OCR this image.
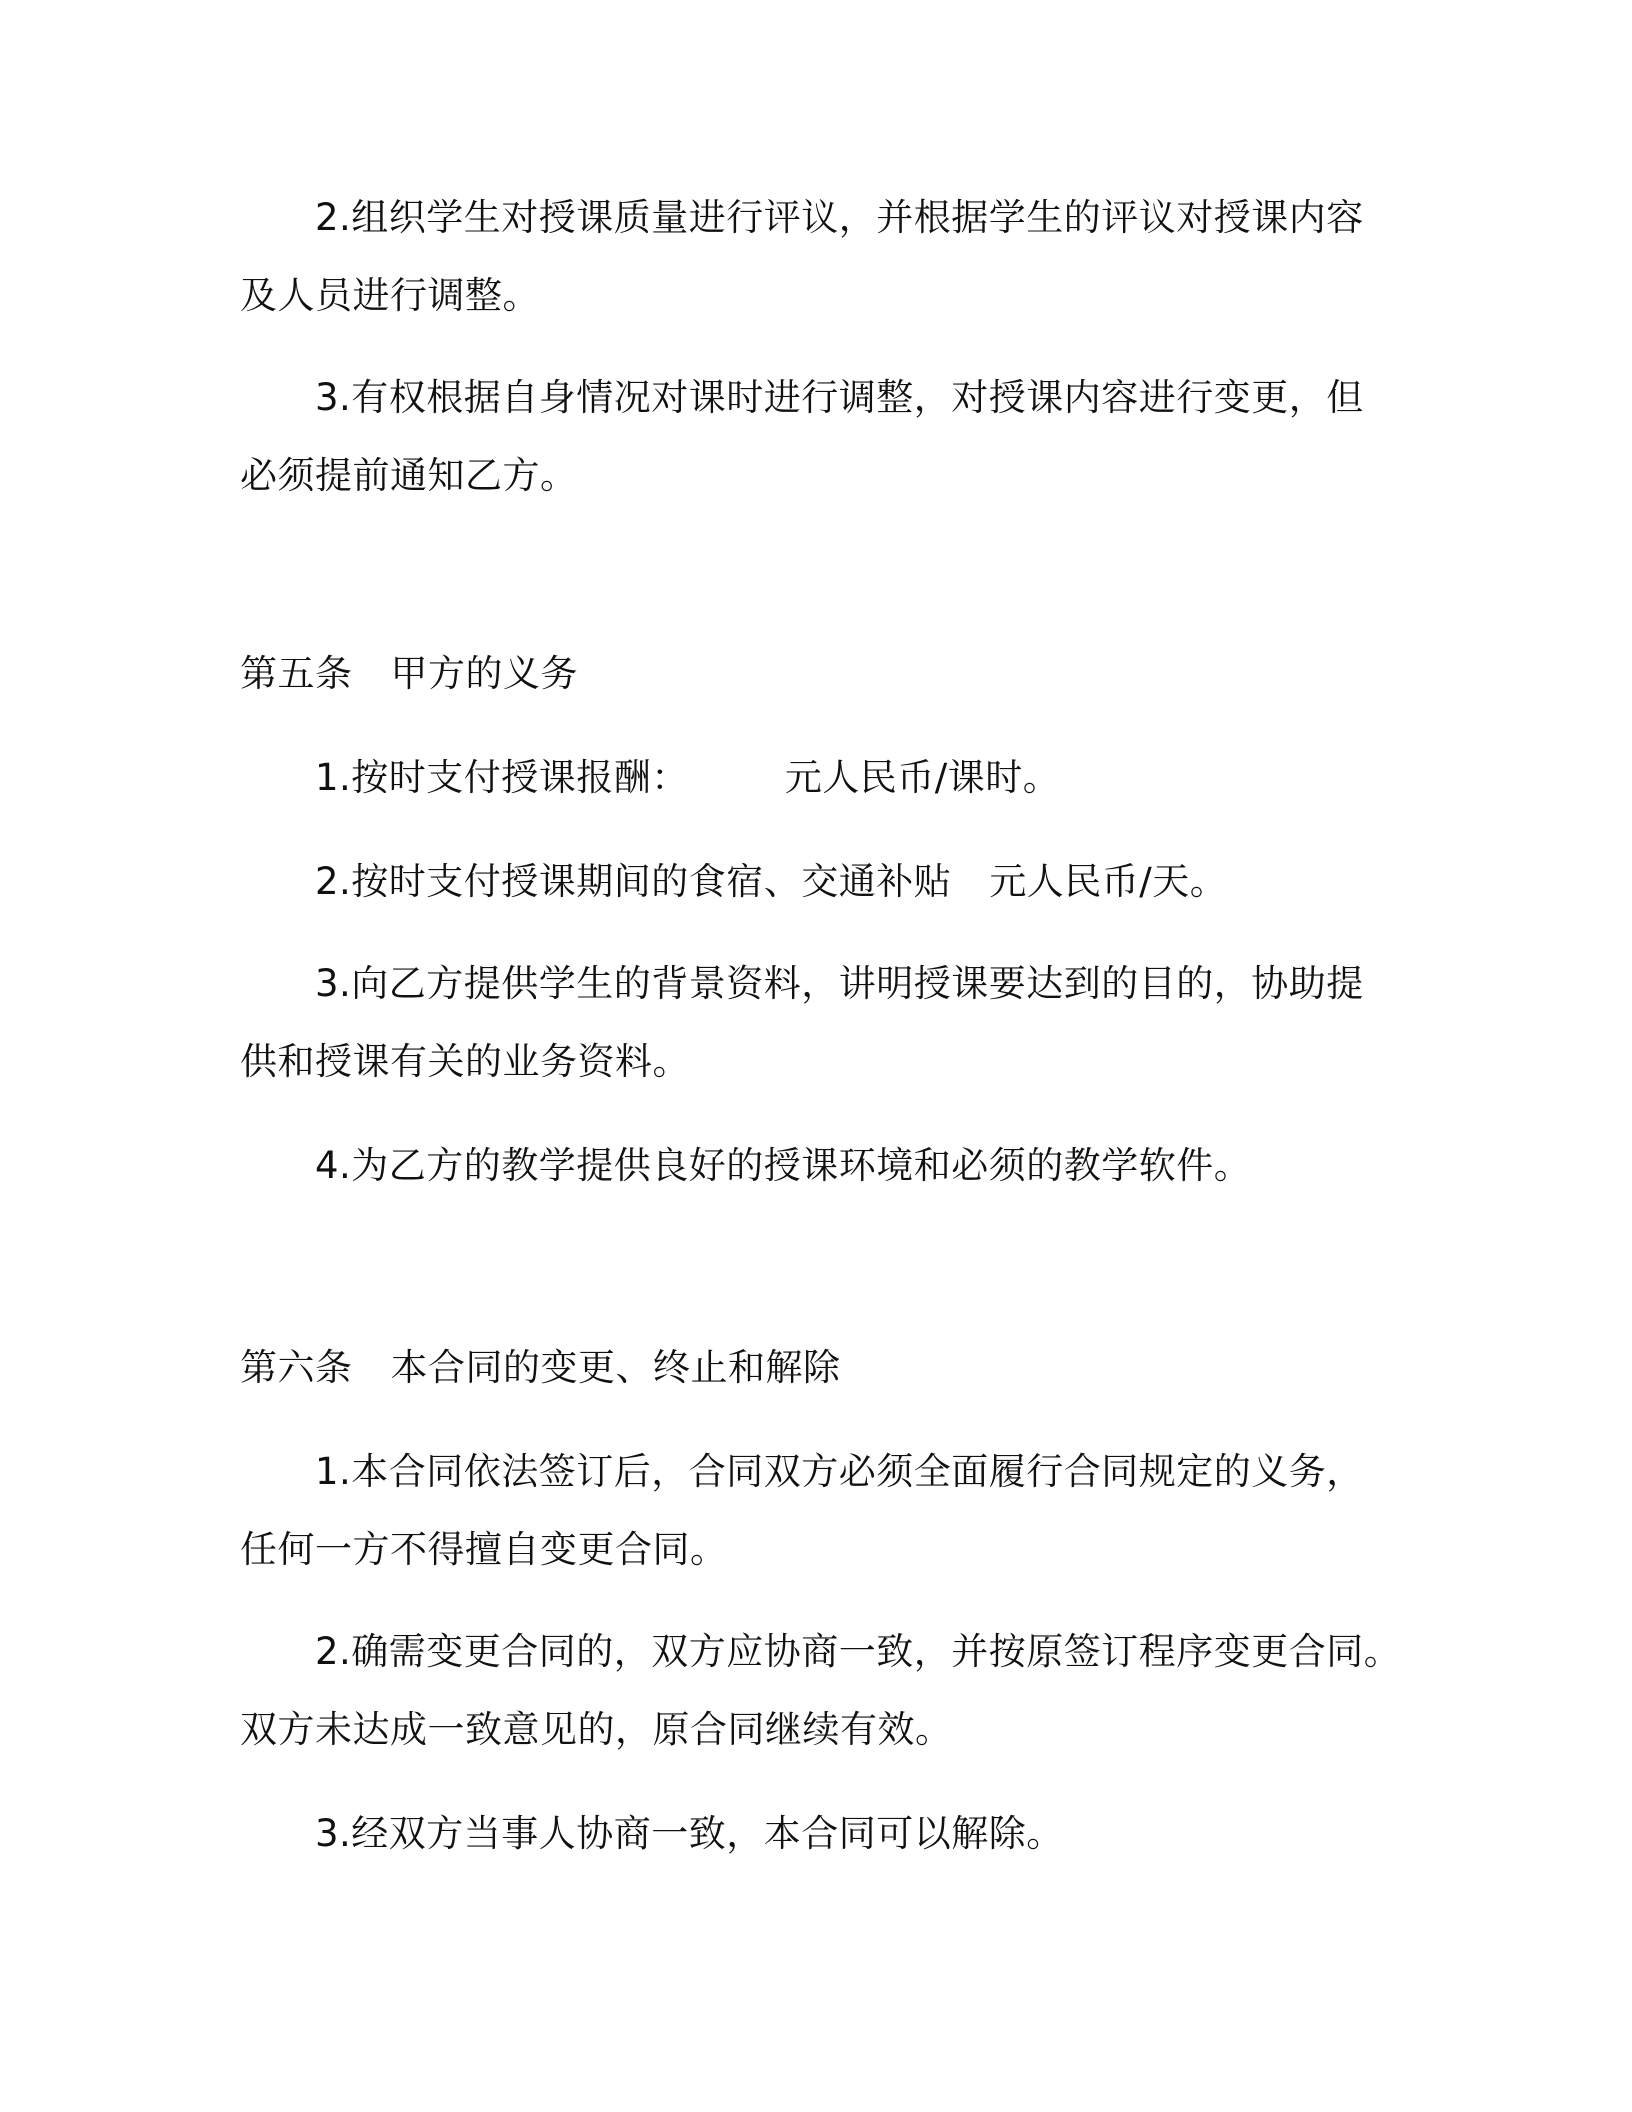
2.组织学生对授课质量进行评议，并根据学生的评议对授课内容
及人员进行调整。
3.有权根据自身情况对课时进行调整，对授课内容进行变更，但
必须提前通知乙方。
第五条 甲方的义务
1.按时支付授课报酬：	元人民币/课时。
2.按时支付授课期间的食宿、交通补贴 元人民币/天。
3.向乙方提供学生的背景资料，讲明授课要达到的目的，协助提
供和授课有关的业务资料。
4.为乙方的教学提供良好的授课环境和必须的教学软件。
第六条 本合同的变更、终止和解除
1.本合同依法签订后，合同双方必须全面履行合同规定的义务，
任何一方不得擅自变更合同。
2.确需变更合同的，双方应协商一致，并按原签订程序变更合同。
双方未达成一致意见的，原合同继续有效。
3.经双方当事人协商一致，本合同可以解除。
